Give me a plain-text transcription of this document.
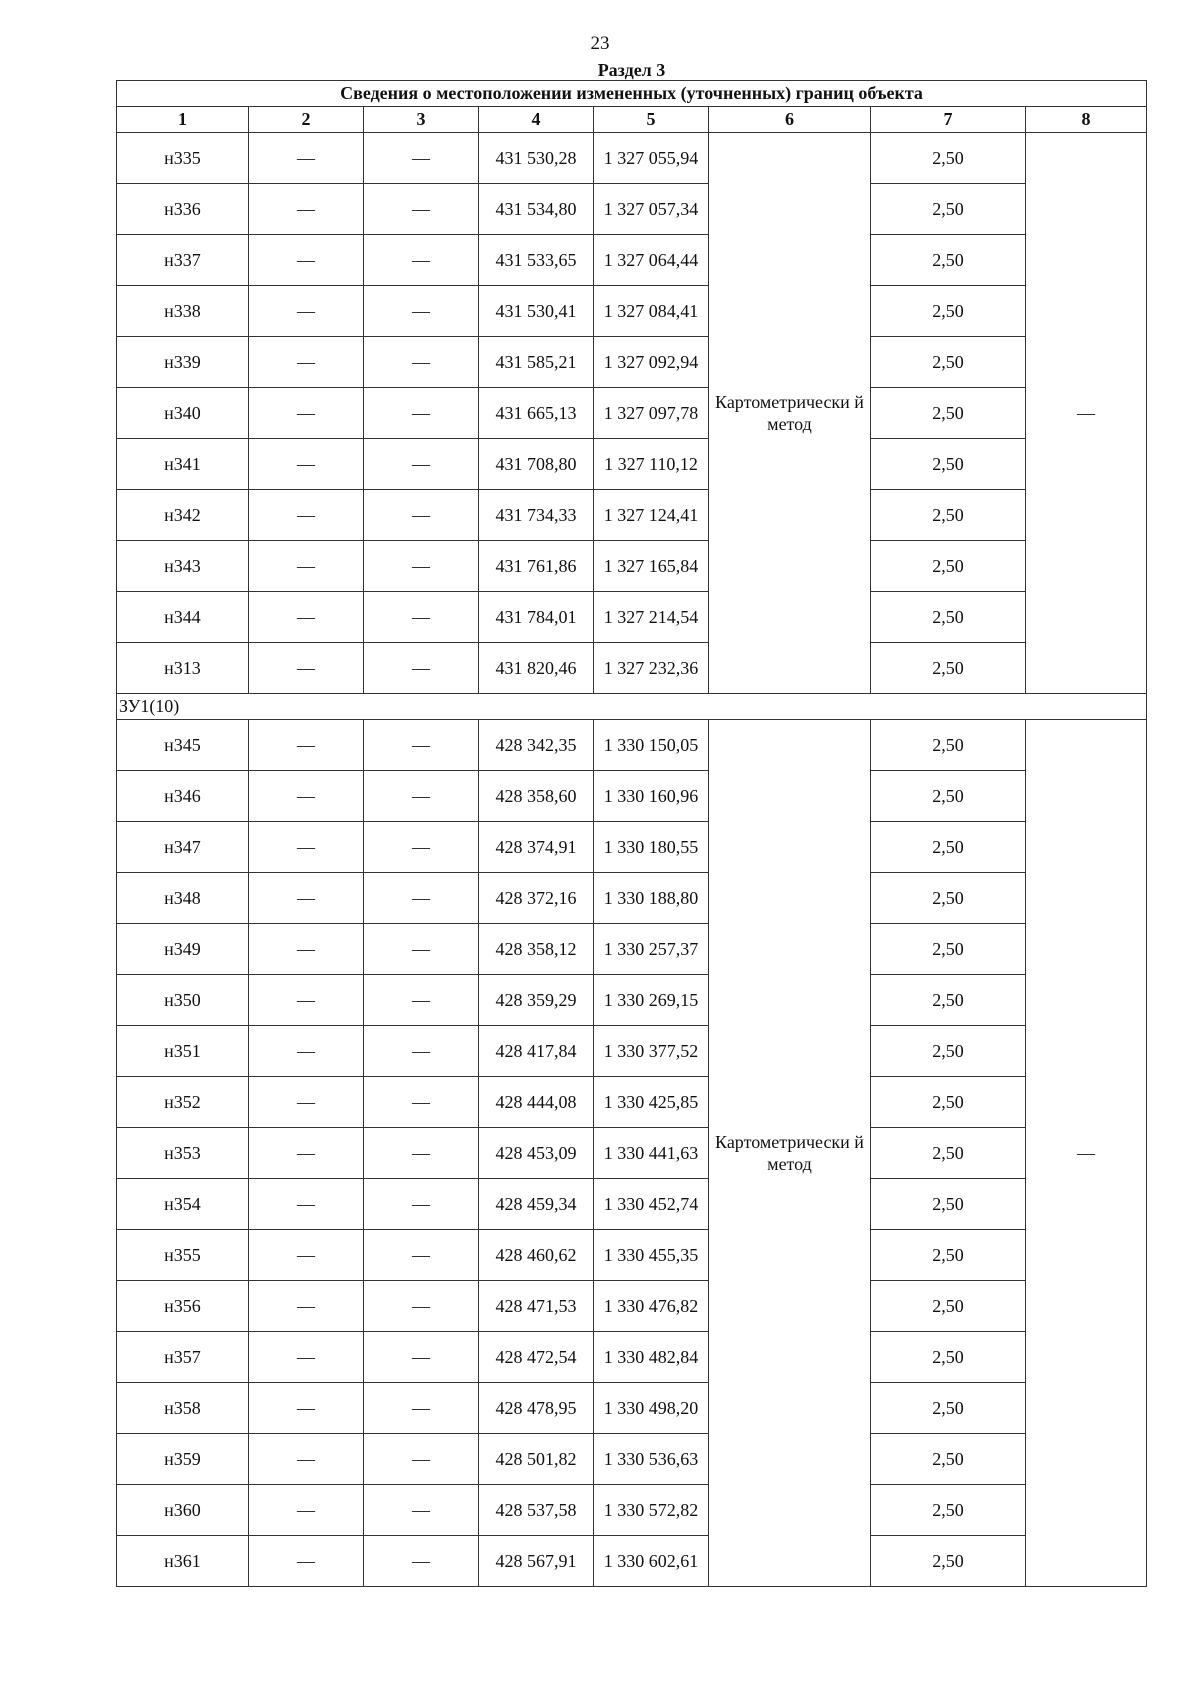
23
Раздел 3

Сведения о местоположении измененных (уточненных) границ объекта							
1	2	3	4	5	6	7	8
н335	—	—	431 530,28	1 327 055,94	Картометрически й метод	2,50	—
н336	—	—	431 534,80	1 327 057,34		2,50	
н337	—	—	431 533,65	1 327 064,44		2,50	
н338	—	—	431 530,41	1 327 084,41		2,50	
н339	—	—	431 585,21	1 327 092,94		2,50	
н340	—	—	431 665,13	1 327 097,78		2,50	
н341	—	—	431 708,80	1 327 110,12		2,50	
н342	—	—	431 734,33	1 327 124,41		2,50	
н343	—	—	431 761,86	1 327 165,84		2,50	
н344	—	—	431 784,01	1 327 214,54		2,50	
н313	—	—	431 820,46	1 327 232,36		2,50	
ЗУ1(10)							
н345	—	—	428 342,35	1 330 150,05	Картометрически й метод	2,50	—
н346	—	—	428 358,60	1 330 160,96		2,50	
н347	—	—	428 374,91	1 330 180,55		2,50	
н348	—	—	428 372,16	1 330 188,80		2,50	
н349	—	—	428 358,12	1 330 257,37		2,50	
н350	—	—	428 359,29	1 330 269,15		2,50	
н351	—	—	428 417,84	1 330 377,52		2,50	
н352	—	—	428 444,08	1 330 425,85		2,50	
н353	—	—	428 453,09	1 330 441,63		2,50	
н354	—	—	428 459,34	1 330 452,74		2,50	
н355	—	—	428 460,62	1 330 455,35		2,50	
н356	—	—	428 471,53	1 330 476,82		2,50	
н357	—	—	428 472,54	1 330 482,84		2,50	
н358	—	—	428 478,95	1 330 498,20		2,50	
н359	—	—	428 501,82	1 330 536,63		2,50	
н360	—	—	428 537,58	1 330 572,82		2,50	
н361	—	—	428 567,91	1 330 602,61		2,50	
